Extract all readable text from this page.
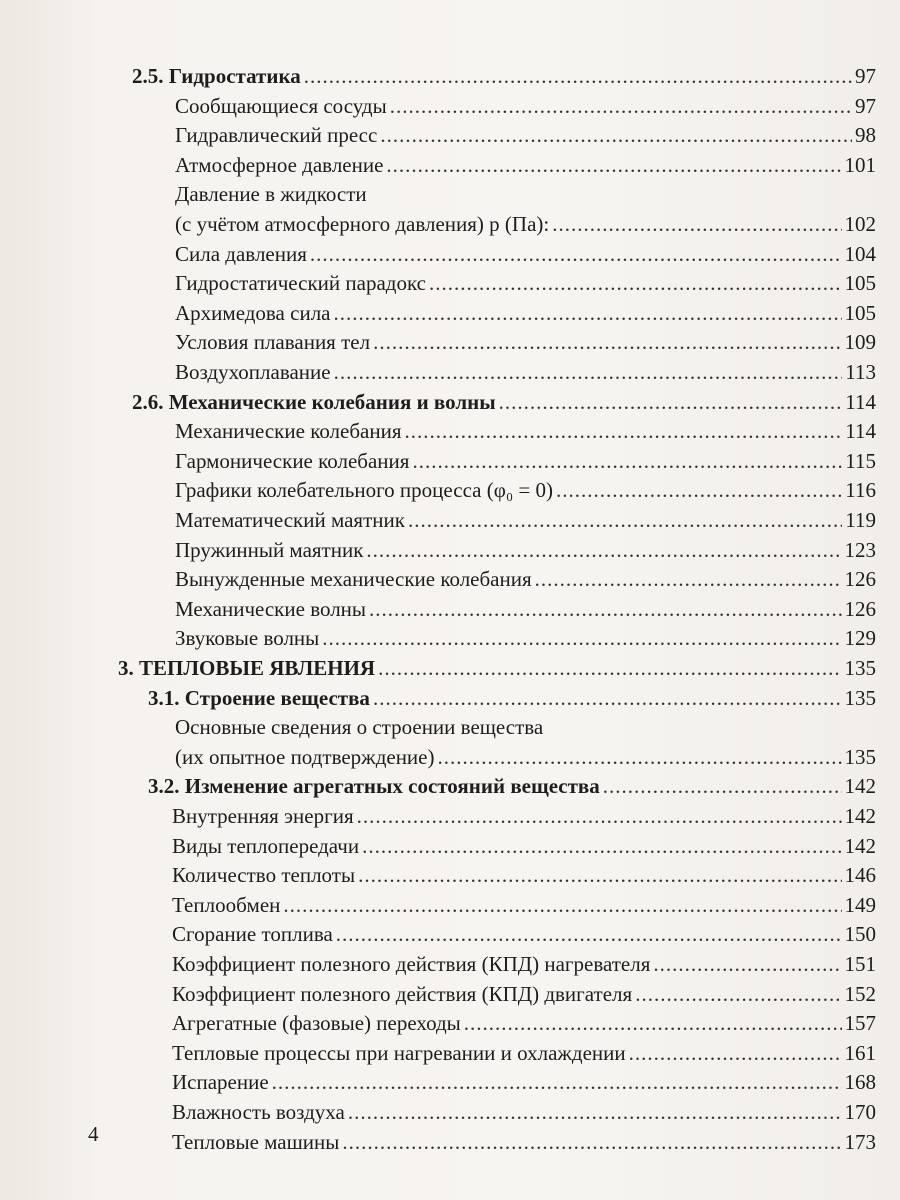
2.5. Гидростатика .....	97
Сообщающиеся сосуды .....	97
Гидравлический пресс .....	98
Атмосферное давление .....	101
Давление в жидкости
(с учётом атмосферного давления) p (Па): .....	102
Сила давления .....	104
Гидростатический парадокс .....	105
Архимедова сила .....	105
Условия плавания тел .....	109
Воздухоплавание .....	113
2.6. Механические колебания и волны .....	114
Механические колебания .....	114
Гармонические колебания .....	115
Графики колебательного процесса (φ₀ = 0) .....	116
Математический маятник .....	119
Пружинный маятник .....	123
Вынужденные механические колебания .....	126
Механические волны .....	126
Звуковые волны .....	129
3. ТЕПЛОВЫЕ ЯВЛЕНИЯ .....	135
3.1. Строение вещества .....	135
Основные сведения о строении вещества
(их опытное подтверждение) .....	135
3.2. Изменение агрегатных состояний вещества .....	142
Внутренняя энергия .....	142
Виды теплопередачи .....	142
Количество теплоты .....	146
Теплообмен .....	149
Сгорание топлива .....	150
Коэффициент полезного действия (КПД) нагревателя .....	151
Коэффициент полезного действия (КПД) двигателя .....	152
Агрегатные (фазовые) переходы .....	157
Тепловые процессы при нагревании и охлаждении .....	161
Испарение .....	168
Влажность воздуха .....	170
Тепловые машины .....	173
4
